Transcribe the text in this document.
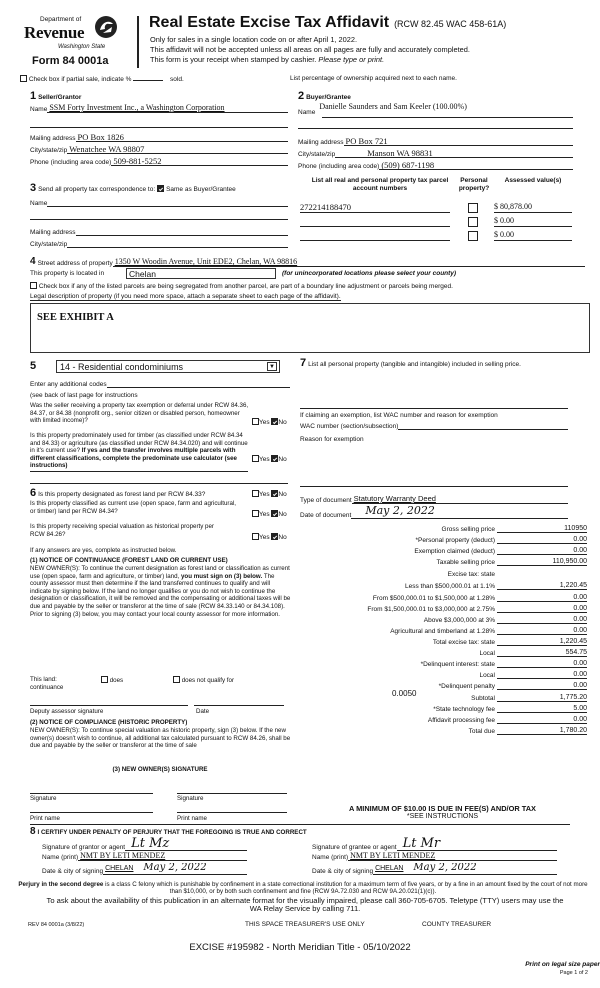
Department of
Revenue
Washington State
Form 84 0001a
Real Estate Excise Tax Affidavit (RCW 82.45 WAC 458-61A)
Only for sales in a single location code on or after April 1, 2022.
This affidavit will not be accepted unless all areas on all pages are fully and accurately completed.
This form is your receipt when stamped by cashier. Please type or print.
Check box if partial sale, indicate %	sold.	List percentage of ownership acquired next to each name.
1 Seller/Grantor
Name SSM Forty Investment Inc., a Washington Corporation
Mailing address PO Box 1826
City/state/zip Wenatchee WA 98807
Phone (including area code) 509-881-5252
3 Send all property tax correspondence to: Same as Buyer/Grantee
Name
Mailing address
City/state/zip
2 Buyer/Grantee
Name
Danielle Saunders and Sam Keeler (100.00%)
Mailing address PO Box 721
City/state/zip	Manson WA 98831
Phone (including area code) (509) 687-1198
List all real and personal property tax parcel account numbers
Personal property?
Assessed value(s)
272214188470	$ 80,878.00
$ 0.00
$ 0.00
4 Street address of property 1350 W Woodin Avenue, Unit EDE2, Chelan, WA 98816
This property is located in	Chelan	(for unincorporated locations please select your county)
Check box if any of the listed parcels are being segregated from another parcel, are part of a boundary line adjustment or parcels being merged.
Legal description of property (if you need more space, attach a separate sheet to each page of the affidavit).
SEE EXHIBIT A
5	14 - Residential condominiums	▼
Enter any additional codes
(see back of last page for instructions
Was the seller receiving a property tax exemption or deferral under RCW 84.36, 84.37, or 84.38 (nonprofit org., senior citizen or disabled person, homeowner with limited income)?	Yes No
Is this property predominately used for timber (as classified under RCW 84.34 and 84.33) or agriculture (as classified under RCW 84.34.020) and will continue in it's current use? If yes and the transfer involves multiple parcels with different classifications, complete the predominate use calculator (see instructions)
Yes No
7 List all personal property (tangible and intangible) included in selling price.
If claiming an exemption, list WAC number and reason for exemption
WAC number (section/subsection)
Reason for exemption
6 Is this property designated as forest land per RCW 84.33?	Yes No
Is this property classified as current use (open space, farm and agricultural, or timber) land per RCW 84.34?	Yes No
Is this property receiving special valuation as historical property per RCW 84.26?	Yes No
If any answers are yes, complete as instructed below.
(1) NOTICE OF CONTINUANCE (FOREST LAND OR CURRENT USE)
NEW OWNER(S): To continue the current designation as forest land or classification as current use (open space, farm and agriculture, or timber) land, you must sign on (3) below. The county assessor must then determine if the land transferred continues to qualify and will indicate by signing below. If the land no longer qualifies or you do not wish to continue the designation or classification, it will be removed and the compensating or additional taxes will be due and payable by the seller or transferor at the time of sale (RCW 84.33.140 or 84.34.108). Prior to signing (3) below, you may contact your local county assessor for more information.
This land:
continuance
does	does not qualify for
Deputy assessor signature	Date
(2) NOTICE OF COMPLIANCE (HISTORIC PROPERTY)
NEW OWNER(S): To continue special valuation as historic property, sign (3) below. If the new owner(s) doesn't wish to continue, all additional tax calculated pursuant to RCW 84.26, shall be due and payable by the seller or transferor at the time of sale
(3) NEW OWNER(S) SIGNATURE
Signature	Signature
Print name	Print name
Type of document Statutory Warranty Deed
Date of document	May 2, 2022
Gross selling price	110950
*Personal property (deduct)	0.00
Exemption claimed (deduct)	0.00
Taxable selling price	110,950.00
Excise tax: state
Less than $500,000.01 at 1.1%	1,220.45
From $500,000.01 to $1,500,000 at 1.28%	0.00
From $1,500,000.01 to $3,000,000 at 2.75%	0.00
Above $3,000,000 at 3%	0.00
Agricultural and timberland at 1.28%	0.00
Total excise tax: state	1,220.45
Local	554.75
*Delinquent interest: state	0.00
Local	0.00
*Delinquent penalty	0.00
Subtotal	1,775.20
*State technology fee	5.00
Affidavit processing fee	0.00
Total due	1,780.20
0.0050
A MINIMUM OF $10.00 IS DUE IN FEE(S) AND/OR TAX
*SEE INSTRUCTIONS
8 I CERTIFY UNDER PENALTY OF PERJURY THAT THE FOREGOING IS TRUE AND CORRECT
Signature of grantor or agent Lt Mz
Name (print) NMT BY LETI MENDEZ
Date & city of signing CHELAN May 2, 2022
Signature of grantee or agent Lt Mr
Name (print) NMT BY LETI MENDEZ
Date & city of signing CHELAN May 2, 2022
Perjury in the second degree is a class C felony which is punishable by confinement in a state correctional institution for a maximum term of five years, or by a fine in an amount fixed by the court of not more than $10,000, or by both such confinement and fine (RCW 9A.72.030 and RCW 9A.20.021(1)(c)).
To ask about the availability of this publication in an alternate format for the visually impaired, please call 360-705-6705. Teletype (TTY) users may use the WA Relay Service by calling 711.
REV 84 0001a (3/8/22)	THIS SPACE TREASURER'S USE ONLY	COUNTY TREASURER
EXCISE #195982 - North Meridian Title - 05/10/2022
Print on legal size paper
Page 1 of 2
